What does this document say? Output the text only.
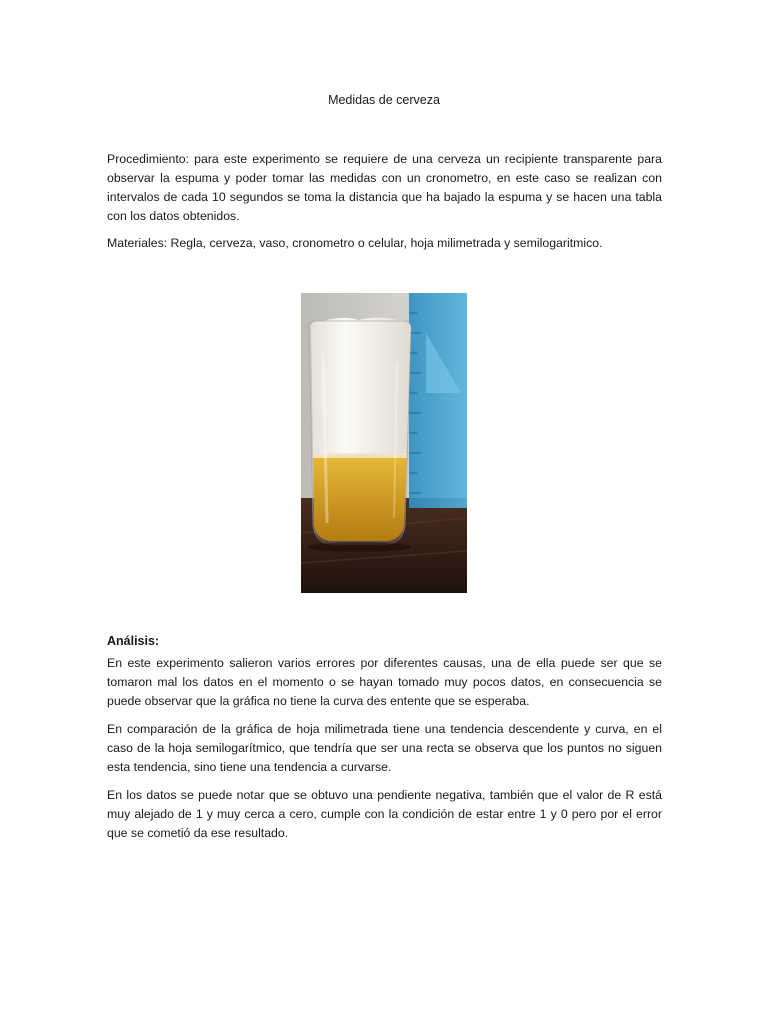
Medidas de cerveza

Procedimiento: para este experimento se requiere de una cerveza un recipiente transparente para observar la espuma y poder tomar las medidas con un cronometro, en este caso se realizan con intervalos de cada 10 segundos se toma la distancia que ha bajado la espuma y se hacen una tabla con los datos obtenidos.

Materiales: Regla, cerveza, vaso, cronometro o celular, hoja milimetrada y semilogaritmico.

Análisis:

En este experimento salieron varios errores por diferentes causas, una de ella puede ser que se tomaron mal los datos en el momento o se hayan tomado muy pocos datos, en consecuencia se puede observar que la gráfica no tiene la curva des entente que se esperaba.

En comparación de la gráfica de hoja milimetrada tiene una tendencia descendente y curva, en el caso de la hoja semilogarítmico, que tendría que ser una recta se observa que los puntos no siguen esta tendencia, sino tiene una tendencia a curvarse.

En los datos se puede notar que se obtuvo una pendiente negativa, también que el valor de R está muy alejado de 1 y muy cerca a cero, cumple con la condición de estar entre 1 y 0 pero por el error que se cometió da ese resultado.
